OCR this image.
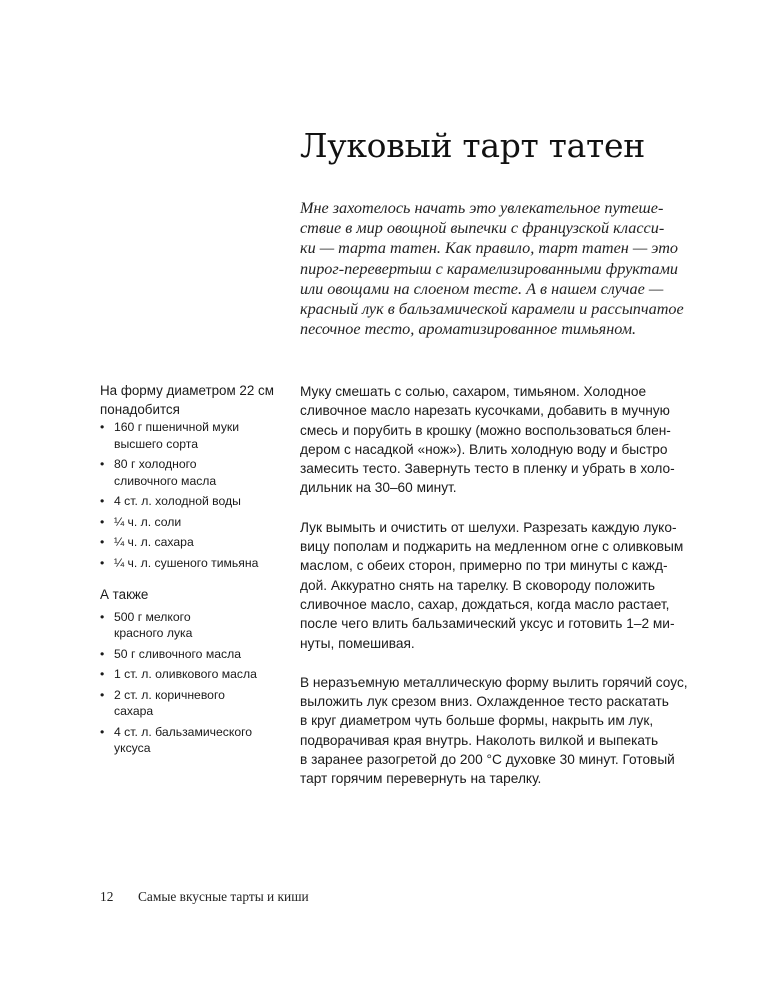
Луковый тарт татен
Мне захотелось начать это увлекательное путеше-
ствие в мир овощной выпечки с французской класси-
ки — тарта татен. Как правило, тарт татен — это
пирог-перевертыш с карамелизированными фруктами
или овощами на слоеном тесте. А в нашем случае —
красный лук в бальзамической карамели и рассыпчатое
песочное тесто, ароматизированное тимьяном.
На форму диаметром 22 см
понадобится
• 160 г пшеничной муки
высшего сорта
• 80 г холодного
сливочного масла
• 4 ст. л. холодной воды
• ¼ ч. л. соли
• ¼ ч. л. сахара
• ¼ ч. л. сушеного тимьяна
А также
• 500 г мелкого
красного лука
• 50 г сливочного масла
• 1 ст. л. оливкового масла
• 2 ст. л. коричневого
сахара
• 4 ст. л. бальзамического
уксуса

Муку смешать с солью, сахаром, тимьяном. Холодное
сливочное масло нарезать кусочками, добавить в мучную
смесь и порубить в крошку (можно воспользоваться блен-
дером с насадкой «нож»). Влить холодную воду и быстро
замесить тесто. Завернуть тесто в пленку и убрать в холо-
дильник на 30–60 минут.

Лук вымыть и очистить от шелухи. Разрезать каждую луко-
вицу пополам и поджарить на медленном огне с оливковым
маслом, с обеих сторон, примерно по три минуты с кажд-
дой. Аккуратно снять на тарелку. В сковороду положить
сливочное масло, сахар, дождаться, когда масло растает,
после чего влить бальзамический уксус и готовить 1–2 ми-
нуты, помешивая.

В неразъемную металлическую форму вылить горячий соус,
выложить лук срезом вниз. Охлажденное тесто раскатать
в круг диаметром чуть больше формы, накрыть им лук,
подворачивая края внутрь. Наколоть вилкой и выпекать
в заранее разогретой до 200 °С духовке 30 минут. Готовый
тарт горячим перевернуть на тарелку.

12 Самые вкусные тарты и киши
